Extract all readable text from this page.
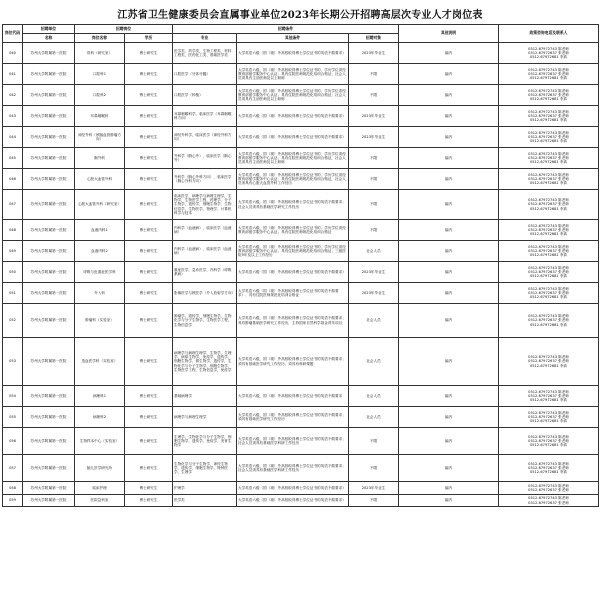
江苏省卫生健康委员会直属事业单位2023年长期公开招聘高层次专业人才岗位表
岗位代码	招聘单位	招聘岗位		招聘条件			其他说明	政策咨询电话及联系人
	名称	岗位名称	学历	专业	其他条件	招聘对象		
040	苏州大学附属第一医院	骨科（研究室）	博士研究生	医学类，药学类，生物工程类、材料工程类，医药化工类、基础医学类	大学英语六级（国（境）外高校取得博士学位证书的英语不做要求）	2023年毕业生	编内	0512-67972743 陈老师
0512-67972637 张老师
0512-67972681 李真

041	苏州大学附属第一医院	口腔科1	博士研究生	口腔医学（牙体牙髓）	大学英语六级，国（境）外高校取得博士学位证书的，学历学位须经教育部留学服务中心认证；具有住院医师规范化培训合格证；社会人员须具有主治医师及以上职称	不限	编内	0512-67972743 陈老师
0512-67972637 张老师
0512-67972681 李真

042	苏州大学附属第一医院	口腔科2	博士研究生	口腔医学（种植）	大学英语六级，国（境）外高校取得博士学位证书的，学历学位须经教育部留学服务中心认证；具有住院医师规范化培训合格证；社会人员须具有主治医师及以上职称	不限	编内	0512-67972743 陈老师
0512-67972637 张老师
0512-67972681 李真

043	苏州大学附属第一医院	耳鼻咽喉科	博士研究生	耳鼻咽喉科学，临床医学（耳鼻咽喉科方向）	大学英语六级（国（境）外高校取得博士学位证书的英语不做要求）	2023年毕业生	编内	0512-67972743 陈老师
0512-67972637 张老师
0512-67972681 李真

044	苏州大学附属第一医院	神经外科（颅脑血管肿瘤方向）	博士研究生	神经外科学，临床医学（神经外科方向）	大学英语六级（国（境）外高校取得博士学位证书的英语不做要求）	2023年毕业生	编内	0512-67972743 陈老师
0512-67972637 张老师
0512-67972681 李真

045	苏州大学附属第一医院	胸外科	博士研究生	外科学（胸心外），临床医学（胸心外）	大学英语六级，国（境）外高校取得博士学位证书的，学历学位须经教育部留学服务中心认证；具有住院医师规范化培训合格证，社会人员须具有主治医师及以上职称	不限	编内	0512-67972743 陈老师
0512-67972637 张老师
0512-67972681 李真

046	苏州大学附属第一医院	心脏大血管外科	博士研究生	外科学（胸心外科方向），临床医学（胸心外科方向）	大学英语六级，国（境）外高校取得博士学位证书的，学历学位须经教育部留学服务中心认证；具有住院医师规范化培训合格证，社会人员须具有心脏大血管外科工作经历	不限	编内	0512-67972743 陈老师
0512-67972637 张老师
0512-67972681 李真

047	苏州大学附属第一医院	心脏大血管外科（研究室）	博士研究生	临床医学，病理学与病理生理学，生物学，生物医学工程，药理学，分子生物学，遗传学，细胞生物学，生物信息学，生物医学、物理学、计算机科学与技术	大学英语六级，国（境）外高校取得博士学位证书的英语不做要求；社会人员须具有基础医学研究工作经历	不限	编内	0512-67972743 陈老师
0512-67972637 张老师
0512-67972681 李真

048	苏州大学附属第一医院	血液内科1	博士研究生	内科学（血液病），临床医学（血液病）	大学英语六级，国（境）外高校取得博士学位证书的，学历学位须经教育部留学服务中心认证；具有住院医师规范化培训合格证	不限	编内	0512-67972743 陈老师
0512-67972637 张老师
0512-67972681 李真

049	苏州大学附属第一医院	血液内科2	博士研究生	内科学（血液病），临床医学（血液病）	大学英语六级，国（境）外高校取得博士学位证书的，学历学位须经教育部留学服务中心认证；具有住院医师规范化培训合格证；三级医院5年及以上工作经历	社会人员	编内	0512-67972743 陈老师
0512-67972637 张老师
0512-67972681 李真

050	苏州大学附属第一医院	呼吸与危重症医学科	博士研究生	重症医学，急诊医学，内科学（呼吸系病）	大学英语六级（国（境）外高校取得博士学位证书的英语不做要求）	2023年毕业生	编内	0512-67972743 陈老师
0512-67972637 张老师
0512-67972681 李真

051	苏州大学附属第一医院	介入科	博士研究生	影像医学与核医学（介入放射学方向）	大学英语六级（国（境）外高校取得博士学位证书的英语不做要求）；具有住院医师规范化培训合格证	2023年毕业生	编内	0512-67972743 陈老师
0512-67972637 张老师
0512-67972681 李真

052	苏州大学附属第一医院	肿瘤科（实验室）	博士研究生	肿瘤学，遗传学，细胞生物学，生物化学与分子生物学，生物医学工程，生物信息学	大学英语六级，国（境）外高校取得博士学位证书的英语不做要求；具有肿瘤基础医学研究工作经历，主持国家自然科学基金青年项目	社会人员	编内	0512-67972743 陈老师
0512-67972637 张老师
0512-67972681 李真

053	苏州大学附属第一医院	造血医学科（实验室）	博士研究生	病理学与病理生理学，生物学，生理学，病原生物学，免疫学，遗传学，细胞生物学，微生物学，遗传学，生物化学与分子生物学，细胞生物学，生物医学工程，生物信息学，免疫学	大学英语六级，国（境）外高校取得博士学位证书的英语不做要求；须具有基础医学研究工作经历，须具有科研课题	社会人员	编内	0512-67972743 陈老师
0512-67972637 张老师
0512-67972681 李真

054	苏州大学附属第一医院	病理科1	博士研究生	基础病理学	大学英语六级，国（境）外高校取得博士学位证书的英语不做要求	社会人员	编内	0512-67972743 陈老师
0512-67972637 张老师
0512-67972681 李真

055	苏州大学附属第一医院	病理科2	博士研究生	病理学与病理生理学	大学英语六级，国（境）外高校取得博士学位证书的英语不做要求；须具有基础医学研究工作经历	社会人员	编内	0512-67972743 陈老师
0512-67972637 张老师
0512-67972681 李真

056	苏州大学附属第一医院	生物样本中心（实验室）	博士研究生	生理学，生物化学与分子生物学，细胞生物学，遗传学，免疫学，发育生物学	大学英语六级，国（境）外高校取得博士学位证书的英语不做要求；社会人员须具有基础医学科研工作经历	不限	编内	0512-67972743 陈老师
0512-67972637 张老师
0512-67972681 李真

057	苏州大学附属第一医院	脑儿医学研究所	博士研究生	生物化学与分子生物学，神经生物学，遗传学，细胞生物学，特种医学，生理学	大学英语六级，国（境）外高校取得博士学位证书的英语不做要求；社会人员须具有基础医学科研工作经历	不限	编内	0512-67972743 陈老师
0512-67972637 张老师
0512-67972681 李真

058	苏州大学附属第一医院	临床护理	博士研究生	护理学	大学英语六级（国（境）外高校取得博士学位证书的英语不做要求）	2023年毕业生	编内	0512-67972743 陈老师
0512-67972637 张老师

059	苏州大学附属第一医院	医院急科室	博士研究生	医学类	大学英语六级（国（境）外高校取得博士学位证书的英语不做要求）	不限	编内	0512-67972743 陈老师
0512-67972637 张老师
